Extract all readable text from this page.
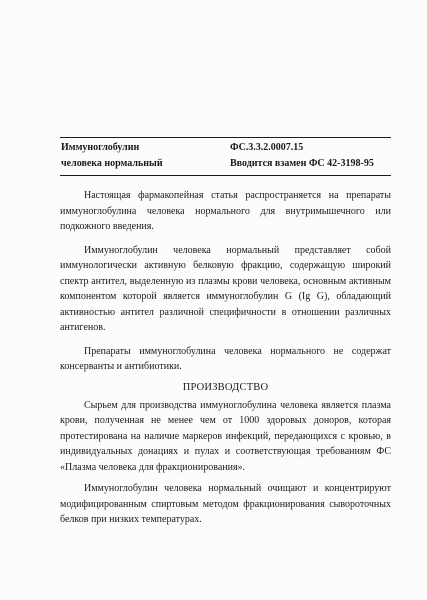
Иммуноглобулин
человека нормальный
ФС.3.3.2.0007.15
Вводится взамен ФС 42-3198-95

Настоящая фармакопейная статья распространяется на препараты иммуноглобулина человека нормального для внутримышечного или подкожного введения.

Иммуноглобулин человека нормальный представляет собой иммунологически активную белковую фракцию, содержащую широкий спектр антител, выделенную из плазмы крови человека, основным активным компонентом которой является иммуноглобулин G (Ig G), обладающий активностью антител различной специфичности в отношении различных антигенов.

Препараты иммуноглобулина человека нормального не содержат консерванты и антибиотики.

ПРОИЗВОДСТВО

Сырьем для производства иммуноглобулина человека является плазма крови, полученная не менее чем от 1000 здоровых доноров, которая протестирована на наличие маркеров инфекций, передающихся с кровью, в индивидуальных донациях и пулах и соответствующая требованиям ФС «Плазма человека для фракционирования».

Иммуноглобулин человека нормальный очищают и концентрируют модифицированным спиртовым методом фракционирования сывороточных белков при низких температурах.
